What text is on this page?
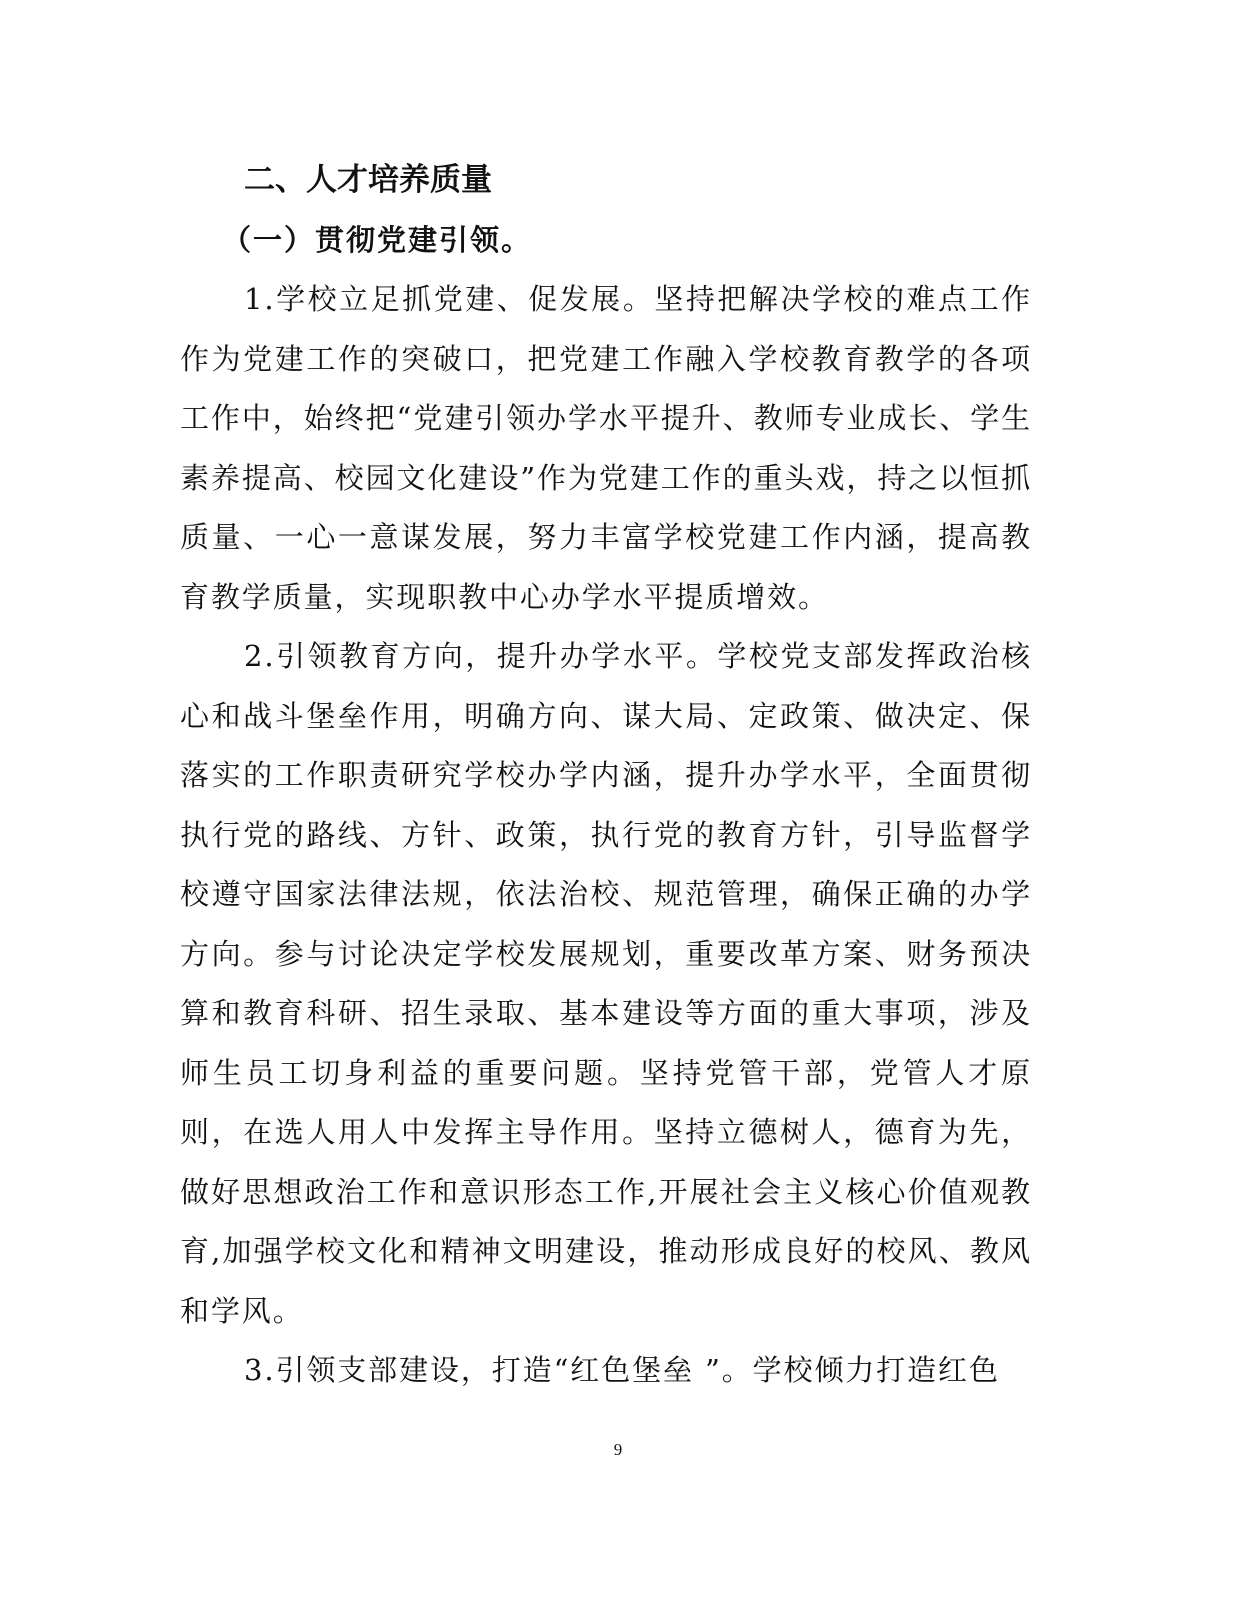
二、人才培养质量
（一）贯彻党建引领。

1.学校立足抓党建、促发展。坚持把解决学校的难点工作作为党建工作的突破口，把党建工作融入学校教育教学的各项工作中，始终把“党建引领办学水平提升、教师专业成长、学生素养提高、校园文化建设”作为党建工作的重头戏，持之以恒抓质量、一心一意谋发展，努力丰富学校党建工作内涵，提高教育教学质量，实现职教中心办学水平提质增效。

2.引领教育方向，提升办学水平。学校党支部发挥政治核心和战斗堡垒作用，明确方向、谋大局、定政策、做决定、保落实的工作职责研究学校办学内涵，提升办学水平，全面贯彻执行党的路线、方针、政策，执行党的教育方针，引导监督学校遵守国家法律法规，依法治校、规范管理，确保正确的办学方向。参与讨论决定学校发展规划，重要改革方案、财务预决算和教育科研、招生录取、基本建设等方面的重大事项，涉及师生员工切身利益的重要问题。坚持党管干部，党管人才原则，在选人用人中发挥主导作用。坚持立德树人，德育为先，做好思想政治工作和意识形态工作,开展社会主义核心价值观教育,加强学校文化和精神文明建设，推动形成良好的校风、教风和学风。

3.引领支部建设，打造“红色堡垒 ”。学校倾力打造红色

9
